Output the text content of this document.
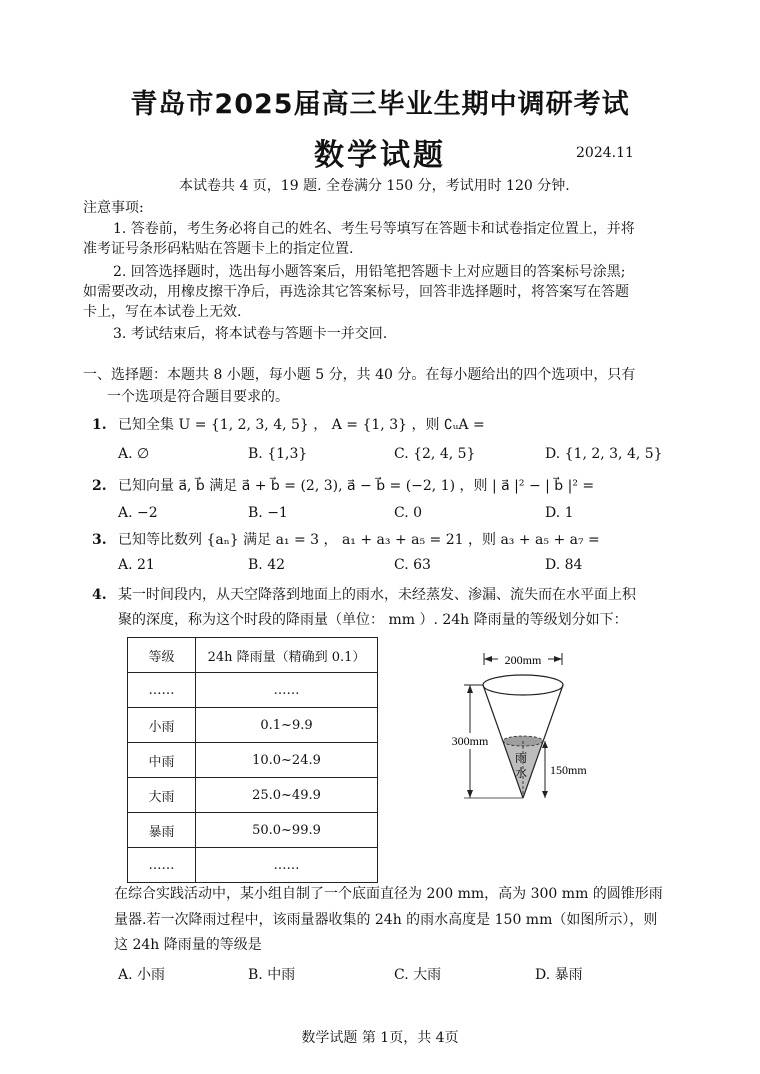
青岛市2025届高三毕业生期中调研考试
数学试题	2024.11
本试卷共 4 页，19 题. 全卷满分 150 分，考试用时 120 分钟.
注意事项:
1. 答卷前，考生务必将自己的姓名、考生号等填写在答题卡和试卷指定位置上，并将
准考证号条形码粘贴在答题卡上的指定位置.
2. 回答选择题时，选出每小题答案后，用铅笔把答题卡上对应题目的答案标号涂黑;
如需要改动，用橡皮擦干净后，再选涂其它答案标号，回答非选择题时，将答案写在答题
卡上，写在本试卷上无效.
3. 考试结束后，将本试卷与答题卡一并交回.
一、选择题：本题共 8 小题，每小题 5 分，共 40 分。在每小题给出的四个选项中，只有
一个选项是符合题目要求的。
1. 已知全集 U = {1, 2, 3, 4, 5} ， A = {1, 3} ，则 ∁ᵤA =
A. ∅	B. {1,3}	C. {2, 4, 5}	D. {1, 2, 3, 4, 5}
2. 已知向量 a⃗, b⃗ 满足 a⃗ + b⃗ = (2, 3), a⃗ − b⃗ = (−2, 1) ，则 | a⃗ |² − | b⃗ |² =
A. −2	B. −1	C. 0	D. 1
3. 已知等比数列 {aₙ} 满足 a₁ = 3 ， a₁ + a₃ + a₅ = 21 ，则 a₃ + a₅ + a₇ =
A. 21	B. 42	C. 63	D. 84
4. 某一时间段内，从天空降落到地面上的雨水，未经蒸发、渗漏、流失而在水平面上积
聚的深度，称为这个时段的降雨量（单位： mm ）. 24h 降雨量的等级划分如下：
等级	24h 降雨量（精确到 0.1）
……	……
小雨	0.1~9.9
中雨	10.0~24.9
大雨	25.0~49.9
暴雨	50.0~99.9
……	……
200mm
雨
水
300mm
150mm
在综合实践活动中，某小组自制了一个底面直径为 200 mm，高为 300 mm 的圆锥形雨
量器.若一次降雨过程中，该雨量器收集的 24h 的雨水高度是 150 mm（如图所示），则
这 24h 降雨量的等级是
A. 小雨	B. 中雨	C. 大雨	D. 暴雨
数学试题 第 1页，共 4页
